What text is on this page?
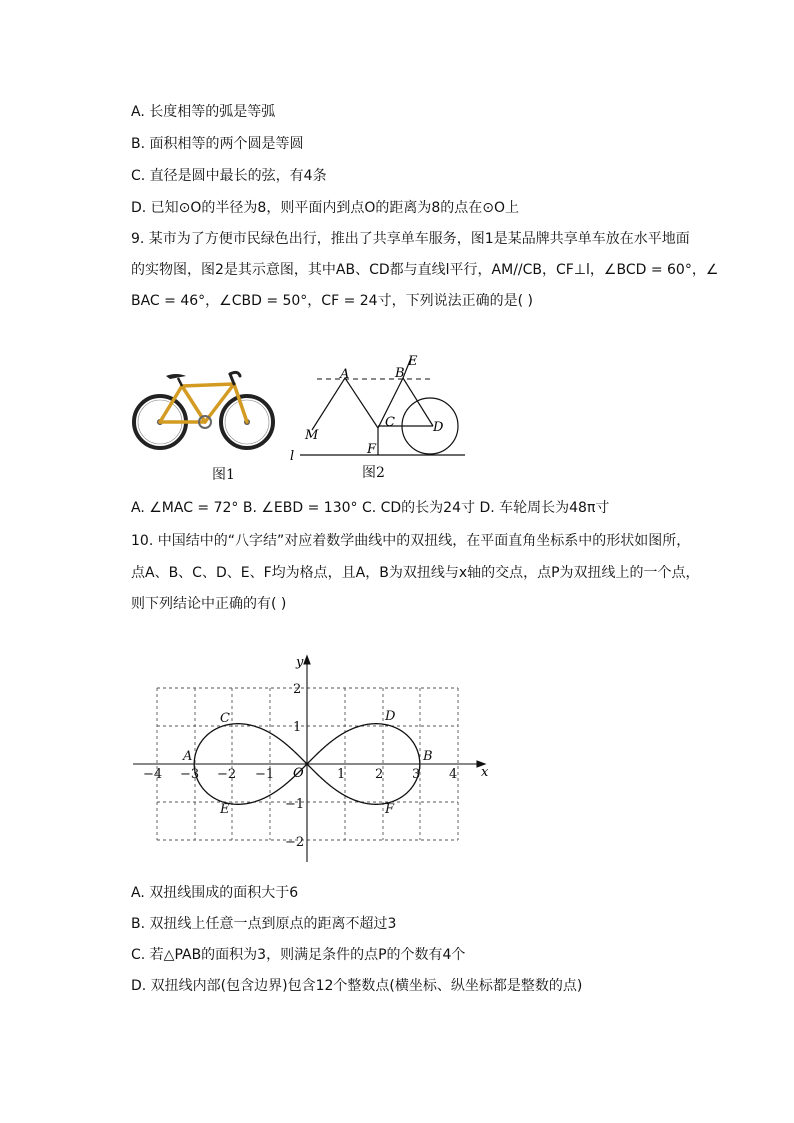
A. 长度相等的弧是等弧
B. 面积相等的两个圆是等圆
C. 直径是圆中最长的弦，有4条
D. 已知⊙O的半径为8，则平面内到点O的距离为8的点在⊙O上
9. 某市为了方便市民绿色出行，推出了共享单车服务，图1是某品牌共享单车放在水平地面
的实物图，图2是其示意图，其中AB、CD都与直线l平行，AM//CB，CF⊥l，∠BCD = 60°，∠
BAC = 46°，∠CBD = 50°，CF = 24寸，下列说法正确的是( )
A	B
E
M
C	D
F
l
图1	图2
A. ∠MAC = 72° B. ∠EBD = 130° C. CD的长为24寸 D. 车轮周长为48π寸
10. 中国结中的“八字结”对应着数学曲线中的双扭线，在平面直角坐标系中的形状如图所，
点A、B、C、D、E、F均为格点，且A，B为双扭线与x轴的交点，点P为双扭线上的一个点，
则下列结论中正确的有( )
−4 −3 −2 −1	1 2 3 4
2
1
−1
−2
O	x
y
A	B
C	D
E	F
A. 双扭线围成的面积大于6
B. 双扭线上任意一点到原点的距离不超过3
C. 若△PAB的面积为3，则满足条件的点P的个数有4个
D. 双扭线内部(包含边界)包含12个整数点(横坐标、纵坐标都是整数的点)
